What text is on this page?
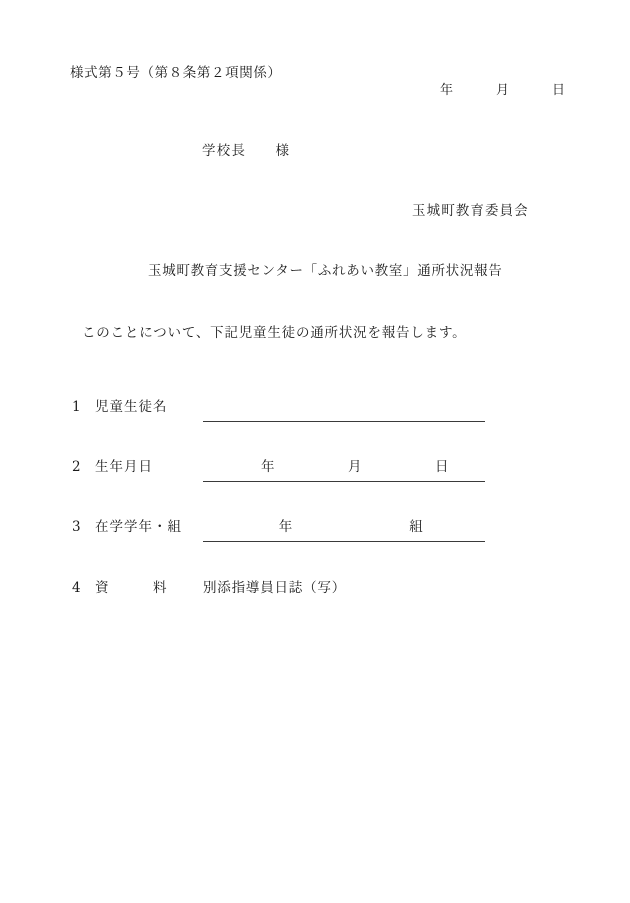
様式第５号（第８条第２項関係）
年　　　月　　　日
学校長　　様
玉城町教育委員会
玉城町教育支援センター「ふれあい教室」通所状況報告
このことについて、下記児童生徒の通所状況を報告します。
1 児童生徒名
2 生年月日	　　　　年　　　　　月　　　　　日　　　
3 在学学年・組	　　　　年　　　　　　　　組　　　
4 資　　　料	別添指導員日誌（写）
